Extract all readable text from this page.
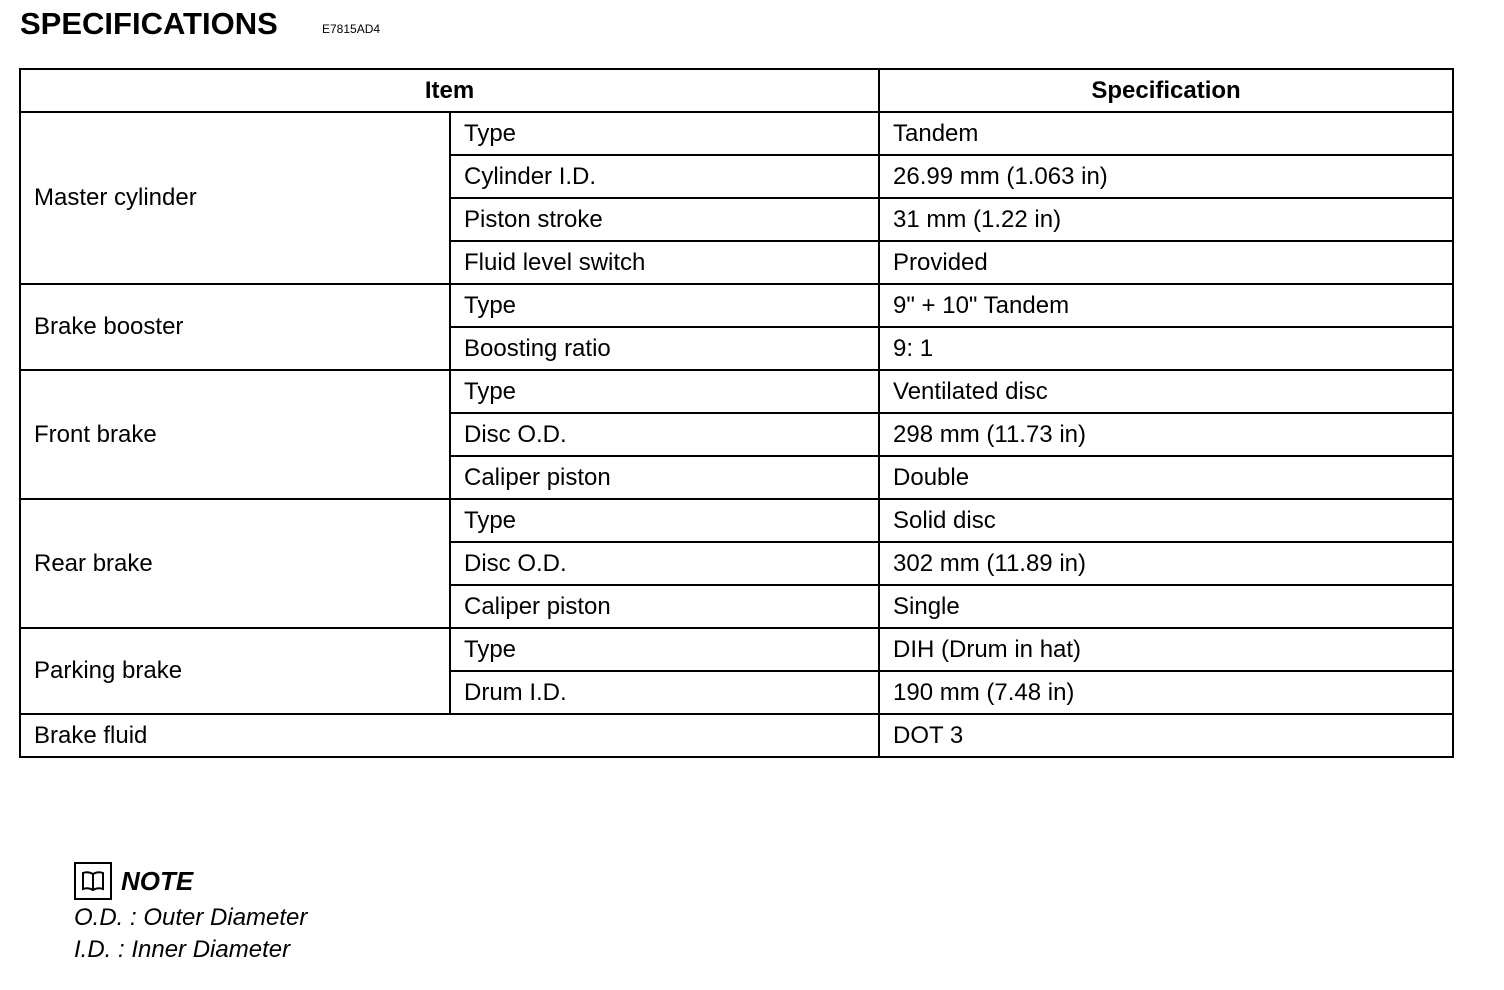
SPECIFICATIONS	E7815AD4
Item		Specification
Master cylinder	Type	Tandem
	Cylinder I.D.	26.99 mm (1.063 in)
	Piston stroke	31 mm (1.22 in)
	Fluid level switch	Provided
Brake booster	Type	9" + 10" Tandem
	Boosting ratio	9: 1
Front brake	Type	Ventilated disc
	Disc O.D.	298 mm (11.73 in)
	Caliper piston	Double
Rear brake	Type	Solid disc
	Disc O.D.	302 mm (11.89 in)
	Caliper piston	Single
Parking brake	Type	DIH (Drum in hat)
	Drum I.D.	190 mm (7.48 in)
Brake fluid		DOT 3
NOTE
O.D. : Outer Diameter
I.D. : Inner Diameter
